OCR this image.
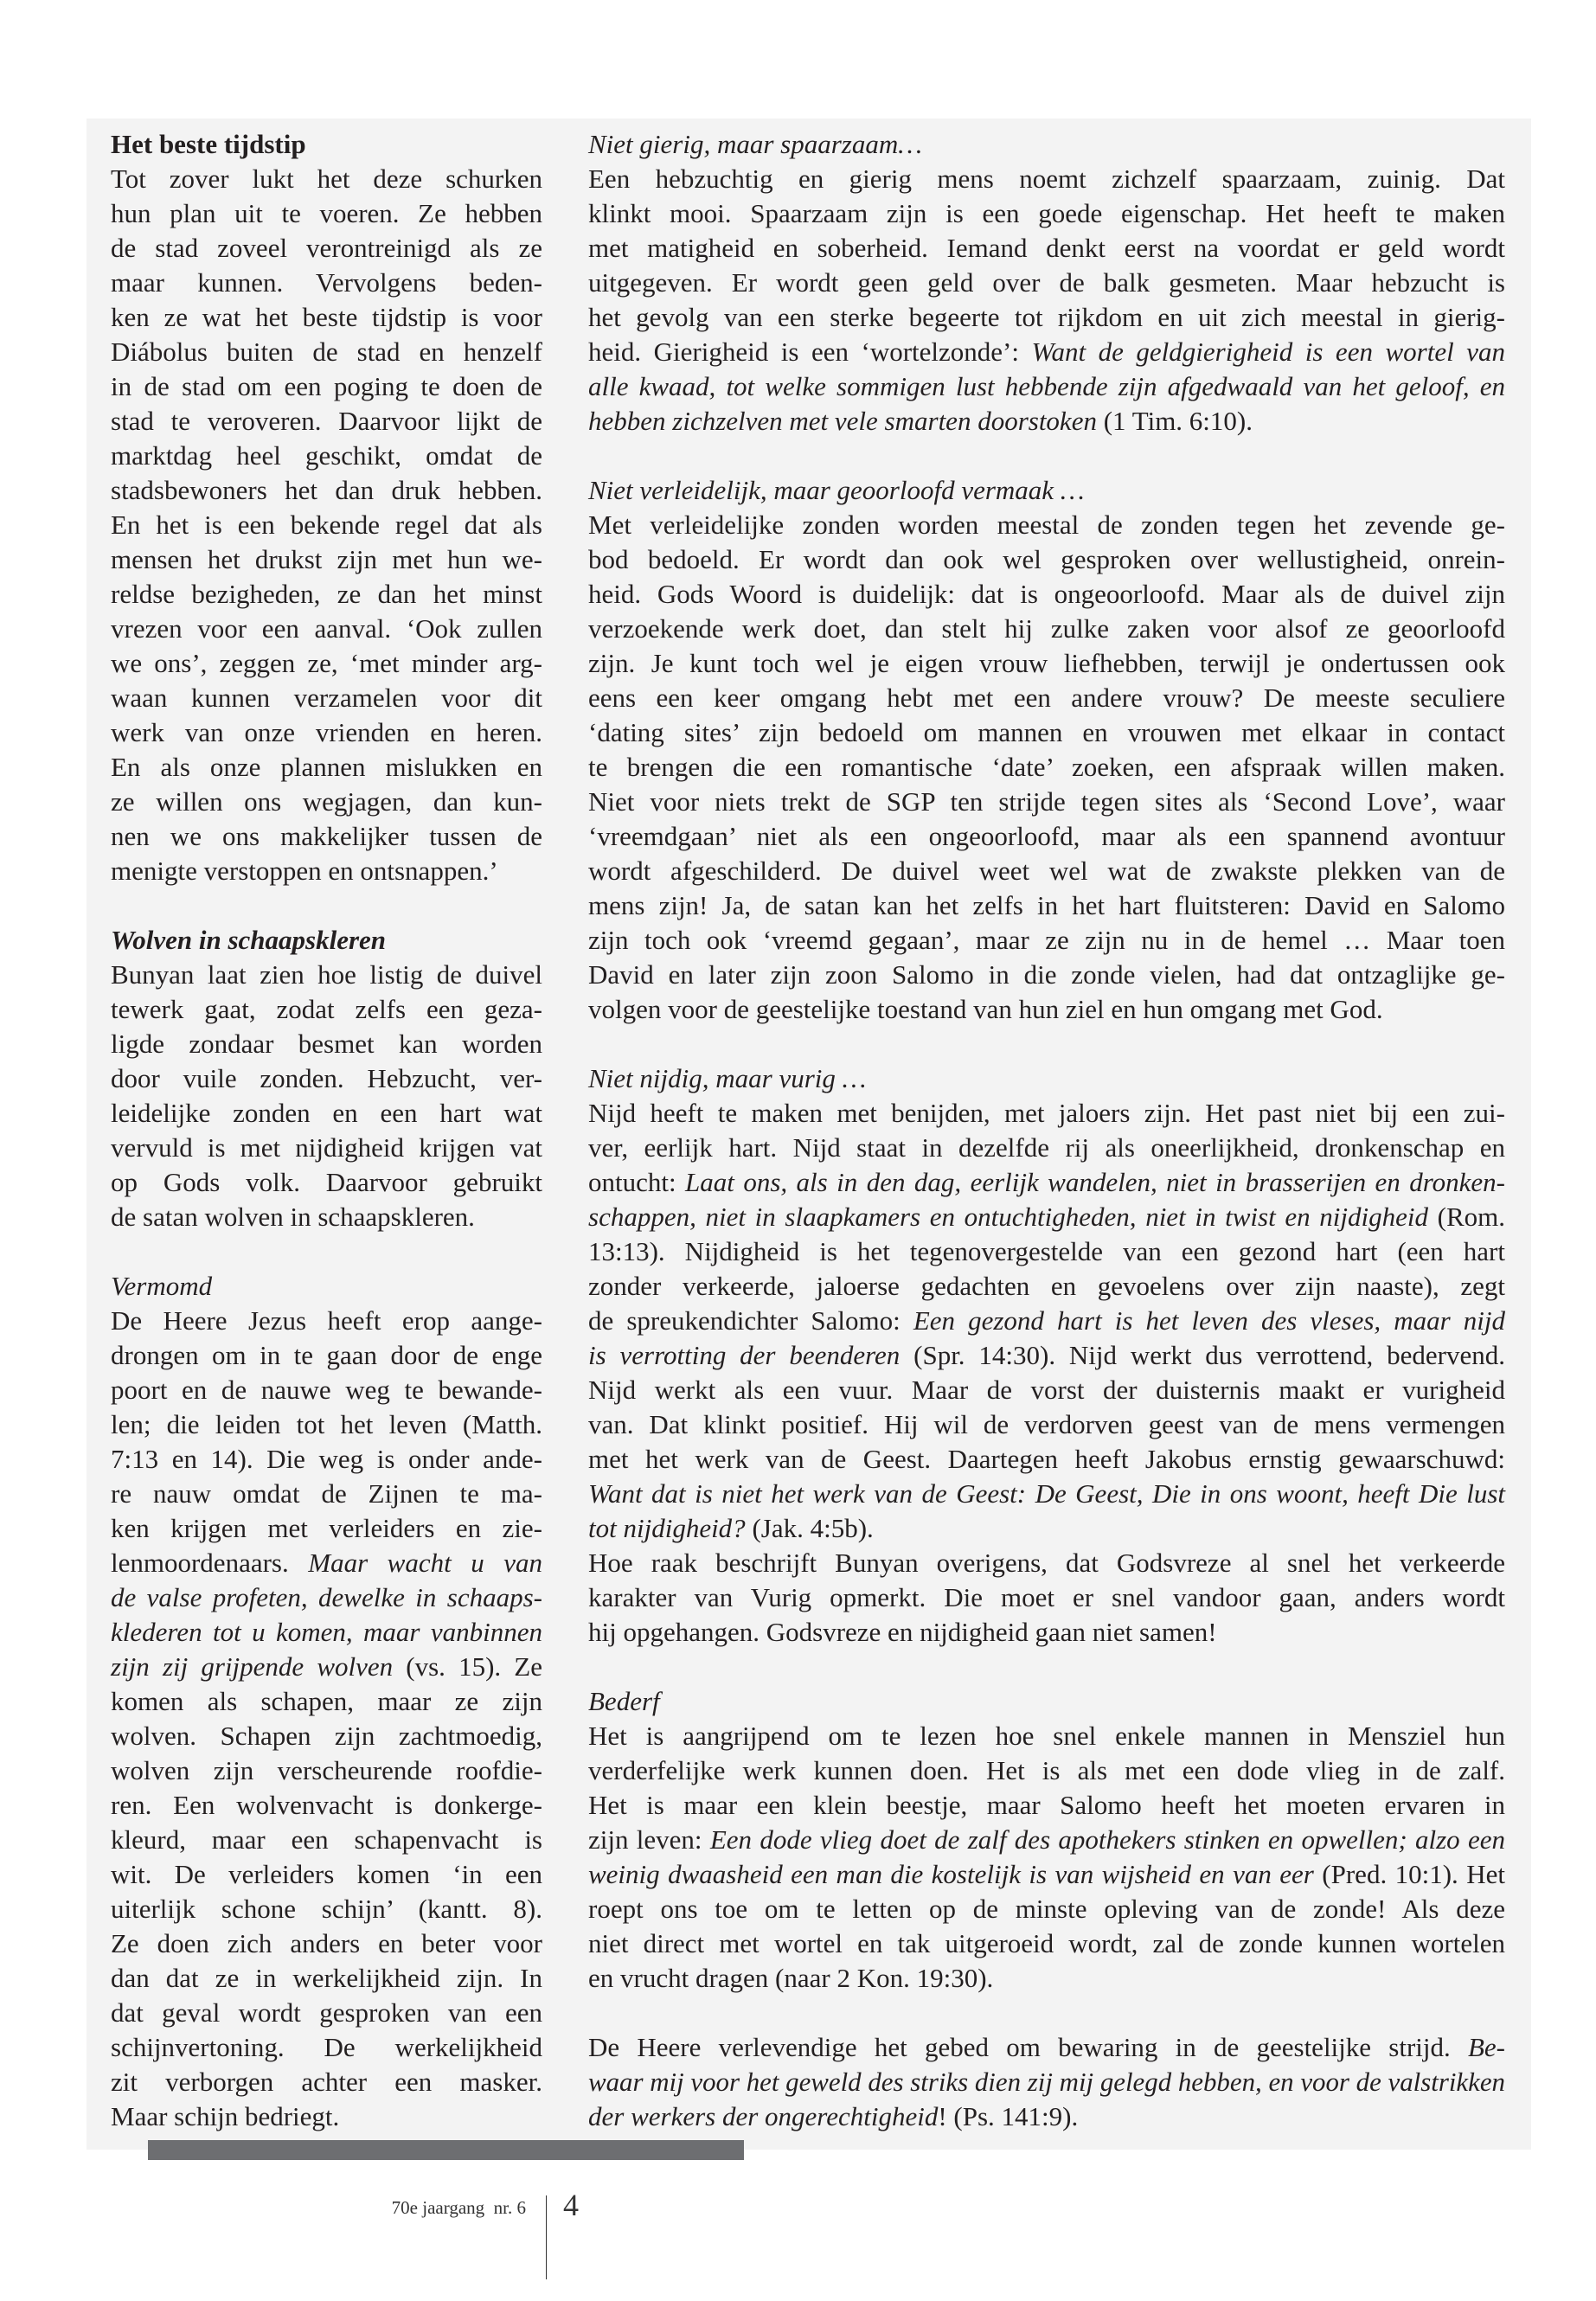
Het beste tijdstip
Tot zover lukt het deze schurken
hun plan uit te voeren. Ze hebben
de stad zoveel verontreinigd als ze
maar kunnen. Vervolgens beden-
ken ze wat het beste tijdstip is voor
Diábolus buiten de stad en henzelf
in de stad om een poging te doen de
stad te veroveren. Daarvoor lijkt de
marktdag heel geschikt, omdat de
stadsbewoners het dan druk hebben.
En het is een bekende regel dat als
mensen het drukst zijn met hun we-
reldse bezigheden, ze dan het minst
vrezen voor een aanval. ‘Ook zullen
we ons’, zeggen ze, ‘met minder arg-
waan kunnen verzamelen voor dit
werk van onze vrienden en heren.
En als onze plannen mislukken en
ze willen ons wegjagen, dan kun-
nen we ons makkelijker tussen de
menigte verstoppen en ontsnappen.’
Wolven in schaapskleren
Bunyan laat zien hoe listig de duivel
tewerk gaat, zodat zelfs een geza-
ligde zondaar besmet kan worden
door vuile zonden. Hebzucht, ver-
leidelijke zonden en een hart wat
vervuld is met nijdigheid krijgen vat
op Gods volk. Daarvoor gebruikt
de satan wolven in schaapskleren.
Vermomd
De Heere Jezus heeft erop aange-
drongen om in te gaan door de enge
poort en de nauwe weg te bewande-
len; die leiden tot het leven (Matth.
7:13 en 14). Die weg is onder ande-
re nauw omdat de Zijnen te ma-
ken krijgen met verleiders en zie-
lenmoordenaars. Maar wacht u van
de valse profeten, dewelke in schaaps-
klederen tot u komen, maar vanbinnen
zijn zij grijpende wolven (vs. 15). Ze
komen als schapen, maar ze zijn
wolven. Schapen zijn zachtmoedig,
wolven zijn verscheurende roofdie-
ren. Een wolvenvacht is donkerge-
kleurd, maar een schapenvacht is
wit. De verleiders komen ‘in een
uiterlijk schone schijn’ (kantt. 8).
Ze doen zich anders en beter voor
dan dat ze in werkelijkheid zijn. In
dat geval wordt gesproken van een
schijnvertoning. De werkelijkheid
zit verborgen achter een masker.
Maar schijn bedriegt.
Niet gierig, maar spaarzaam…
Een hebzuchtig en gierig mens noemt zichzelf spaarzaam, zuinig. Dat
klinkt mooi. Spaarzaam zijn is een goede eigenschap. Het heeft te maken
met matigheid en soberheid. Iemand denkt eerst na voordat er geld wordt
uitgegeven. Er wordt geen geld over de balk gesmeten. Maar hebzucht is
het gevolg van een sterke begeerte tot rijkdom en uit zich meestal in gierig-
heid. Gierigheid is een ‘wortelzonde’: Want de geldgierigheid is een wortel van
alle kwaad, tot welke sommigen lust hebbende zijn afgedwaald van het geloof, en
hebben zichzelven met vele smarten doorstoken (1 Tim. 6:10).
Niet verleidelijk, maar geoorloofd vermaak …
Met verleidelijke zonden worden meestal de zonden tegen het zevende ge-
bod bedoeld. Er wordt dan ook wel gesproken over wellustigheid, onrein-
heid. Gods Woord is duidelijk: dat is ongeoorloofd. Maar als de duivel zijn
verzoekende werk doet, dan stelt hij zulke zaken voor alsof ze geoorloofd
zijn. Je kunt toch wel je eigen vrouw liefhebben, terwijl je ondertussen ook
eens een keer omgang hebt met een andere vrouw? De meeste seculiere
‘dating sites’ zijn bedoeld om mannen en vrouwen met elkaar in contact
te brengen die een romantische ‘date’ zoeken, een afspraak willen maken.
Niet voor niets trekt de SGP ten strijde tegen sites als ‘Second Love’, waar
‘vreemdgaan’ niet als een ongeoorloofd, maar als een spannend avontuur
wordt afgeschilderd. De duivel weet wel wat de zwakste plekken van de
mens zijn! Ja, de satan kan het zelfs in het hart fluitsteren: David en Salomo
zijn toch ook ‘vreemd gegaan’, maar ze zijn nu in de hemel … Maar toen
David en later zijn zoon Salomo in die zonde vielen, had dat ontzaglijke ge-
volgen voor de geestelijke toestand van hun ziel en hun omgang met God.
Niet nijdig, maar vurig …
Nijd heeft te maken met benijden, met jaloers zijn. Het past niet bij een zui-
ver, eerlijk hart. Nijd staat in dezelfde rij als oneerlijkheid, dronkenschap en
ontucht: Laat ons, als in den dag, eerlijk wandelen, niet in brasserijen en dronken-
schappen, niet in slaapkamers en ontuchtigheden, niet in twist en nijdigheid (Rom.
13:13). Nijdigheid is het tegenovergestelde van een gezond hart (een hart
zonder verkeerde, jaloerse gedachten en gevoelens over zijn naaste), zegt
de spreukendichter Salomo: Een gezond hart is het leven des vleses, maar nijd
is verrotting der beenderen (Spr. 14:30). Nijd werkt dus verrottend, bedervend.
Nijd werkt als een vuur. Maar de vorst der duisternis maakt er vurigheid
van. Dat klinkt positief. Hij wil de verdorven geest van de mens vermengen
met het werk van de Geest. Daartegen heeft Jakobus ernstig gewaarschuwd:
Want dat is niet het werk van de Geest: De Geest, Die in ons woont, heeft Die lust
tot nijdigheid? (Jak. 4:5b).
Hoe raak beschrijft Bunyan overigens, dat Godsvreze al snel het verkeerde
karakter van Vurig opmerkt. Die moet er snel vandoor gaan, anders wordt
hij opgehangen. Godsvreze en nijdigheid gaan niet samen!
Bederf
Het is aangrijpend om te lezen hoe snel enkele mannen in Mensziel hun
verderfelijke werk kunnen doen. Het is als met een dode vlieg in de zalf.
Het is maar een klein beestje, maar Salomo heeft het moeten ervaren in
zijn leven: Een dode vlieg doet de zalf des apothekers stinken en opwellen; alzo een
weinig dwaasheid een man die kostelijk is van wijsheid en van eer (Pred. 10:1). Het
roept ons toe om te letten op de minste opleving van de zonde! Als deze
niet direct met wortel en tak uitgeroeid wordt, zal de zonde kunnen wortelen
en vrucht dragen (naar 2 Kon. 19:30).
De Heere verlevendige het gebed om bewaring in de geestelijke strijd. Be-
waar mij voor het geweld des striks dien zij mij gelegd hebben, en voor de valstrikken
der werkers der ongerechtigheid! (Ps. 141:9).
70e jaargang  nr. 6 4
